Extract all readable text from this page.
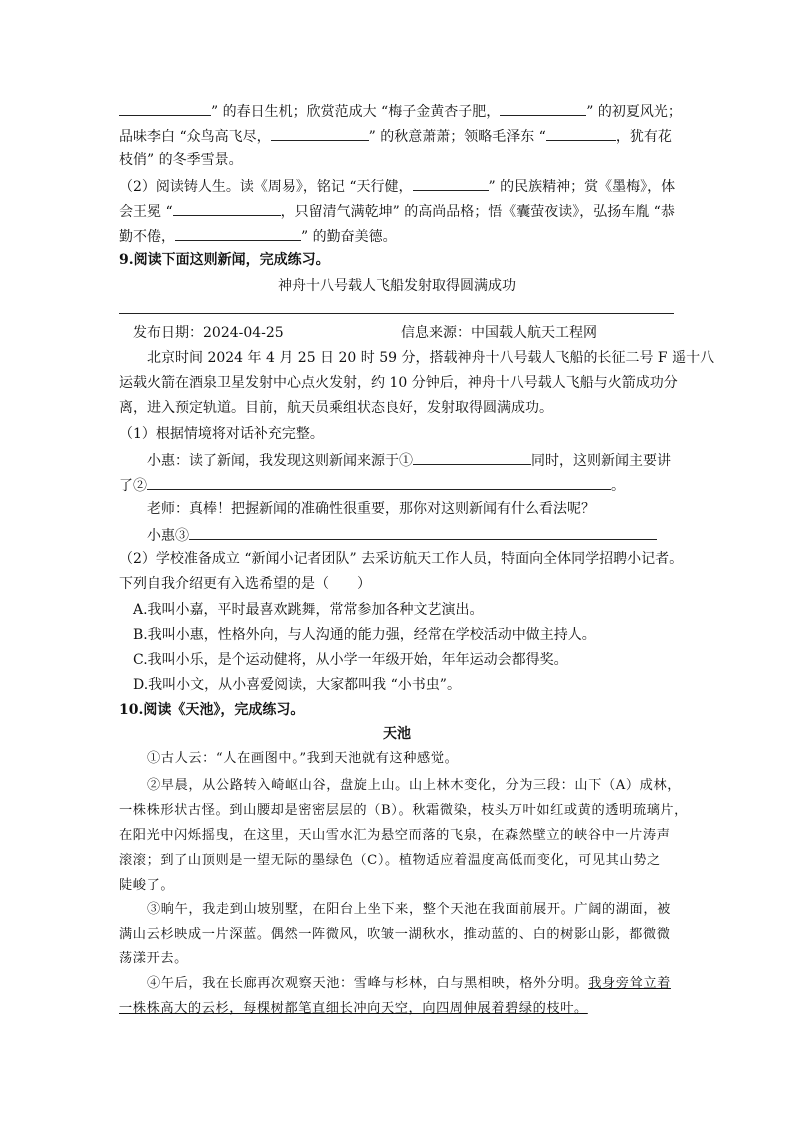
” 的春日生机；欣赏范成大 “梅子金黄杏子肥，	” 的初夏风光；
品味李白 “众鸟高飞尽，	” 的秋意萧萧；领略毛泽东 “	，犹有花
枝俏” 的冬季雪景。
（2）阅读铸人生。读《周易》，铭记 “天行健，	” 的民族精神；赏《墨梅》，体
会王冕 “	，只留清气满乾坤” 的高尚品格；悟《囊萤夜读》，弘扬车胤 “恭
勤不倦，	” 的勤奋美德。
9.阅读下面这则新闻，完成练习。
神舟十八号载人飞船发射取得圆满成功
发布日期：2024-04-25	信息来源：中国载人航天工程网
北京时间 2024 年 4 月 25 日 20 时 59 分，搭载神舟十八号载人飞船的长征二号 F 遥十八
运载火箭在酒泉卫星发射中心点火发射，约 10 分钟后，神舟十八号载人飞船与火箭成功分
离，进入预定轨道。目前，航天员乘组状态良好，发射取得圆满成功。
（1）根据情境将对话补充完整。
小惠：读了新闻，我发现这则新闻来源于①	同时，这则新闻主要讲
了②	。
老师：真棒！把握新闻的准确性很重要，那你对这则新闻有什么看法呢？
小惠③
（2）学校准备成立 “新闻小记者团队” 去采访航天工作人员，特面向全体同学招聘小记者。
下列自我介绍更有入选希望的是（　　）
A.我叫小嘉，平时最喜欢跳舞，常常参加各种文艺演出。
B.我叫小惠，性格外向，与人沟通的能力强，经常在学校活动中做主持人。
C.我叫小乐，是个运动健将，从小学一年级开始，年年运动会都得奖。
D.我叫小文，从小喜爱阅读，大家都叫我 “小书虫”。
10.阅读《天池》，完成练习。
天池
①古人云：“人在画图中。”我到天池就有这种感觉。
②早晨，从公路转入崎岖山谷，盘旋上山。山上林木变化，分为三段：山下（A）成林，
一株株形状古怪。到山腰却是密密层层的（B）。秋霜微染，枝头万叶如红或黄的透明琉璃片，
在阳光中闪烁摇曳，在这里，天山雪水汇为悬空而落的飞泉，在森然壁立的峡谷中一片涛声
滚滚；到了山顶则是一望无际的墨绿色（C）。植物适应着温度高低而变化，可见其山势之
陡峻了。
③晌午，我走到山坡别墅，在阳台上坐下来，整个天池在我面前展开。广阔的湖面，被
满山云杉映成一片深蓝。偶然一阵微风，吹皱一湖秋水，推动蓝的、白的树影山影，都微微
荡漾开去。
④午后，我在长廊再次观察天池：雪峰与杉林，白与黑相映，格外分明。我身旁耸立着
一株株高大的云杉，每棵树都笔直细长冲向天空，向四周伸展着碧绿的枝叶。
